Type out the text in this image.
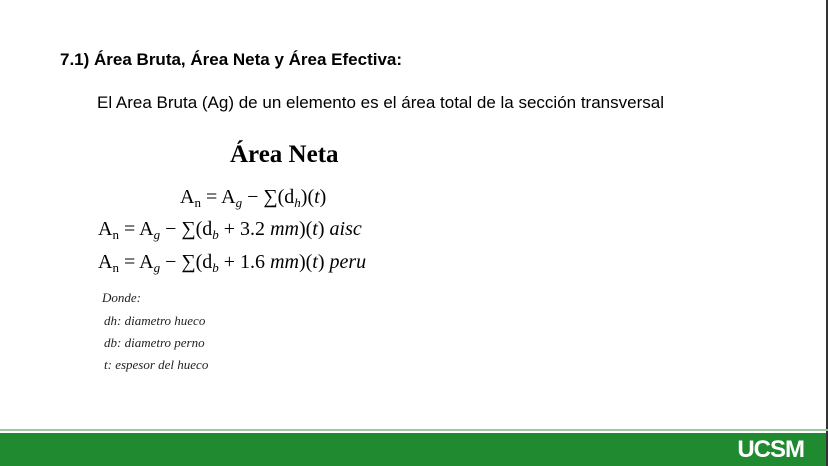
7.1) Área Bruta, Área Neta y Área Efectiva:
El Area Bruta (Ag) de un elemento es el área total de la sección transversal
Área Neta
$A_n = A_g - \sum(d_h)(t)$
$A_n = A_g - \sum(d_b + 3.2$ mm)(t) aisc
$A_n = A_g - \sum(d_b + 1.6$ mm)(t) peru
Donde:
dh: diametro hueco
db: diametro perno
t: espesor del hueco
UCSM
